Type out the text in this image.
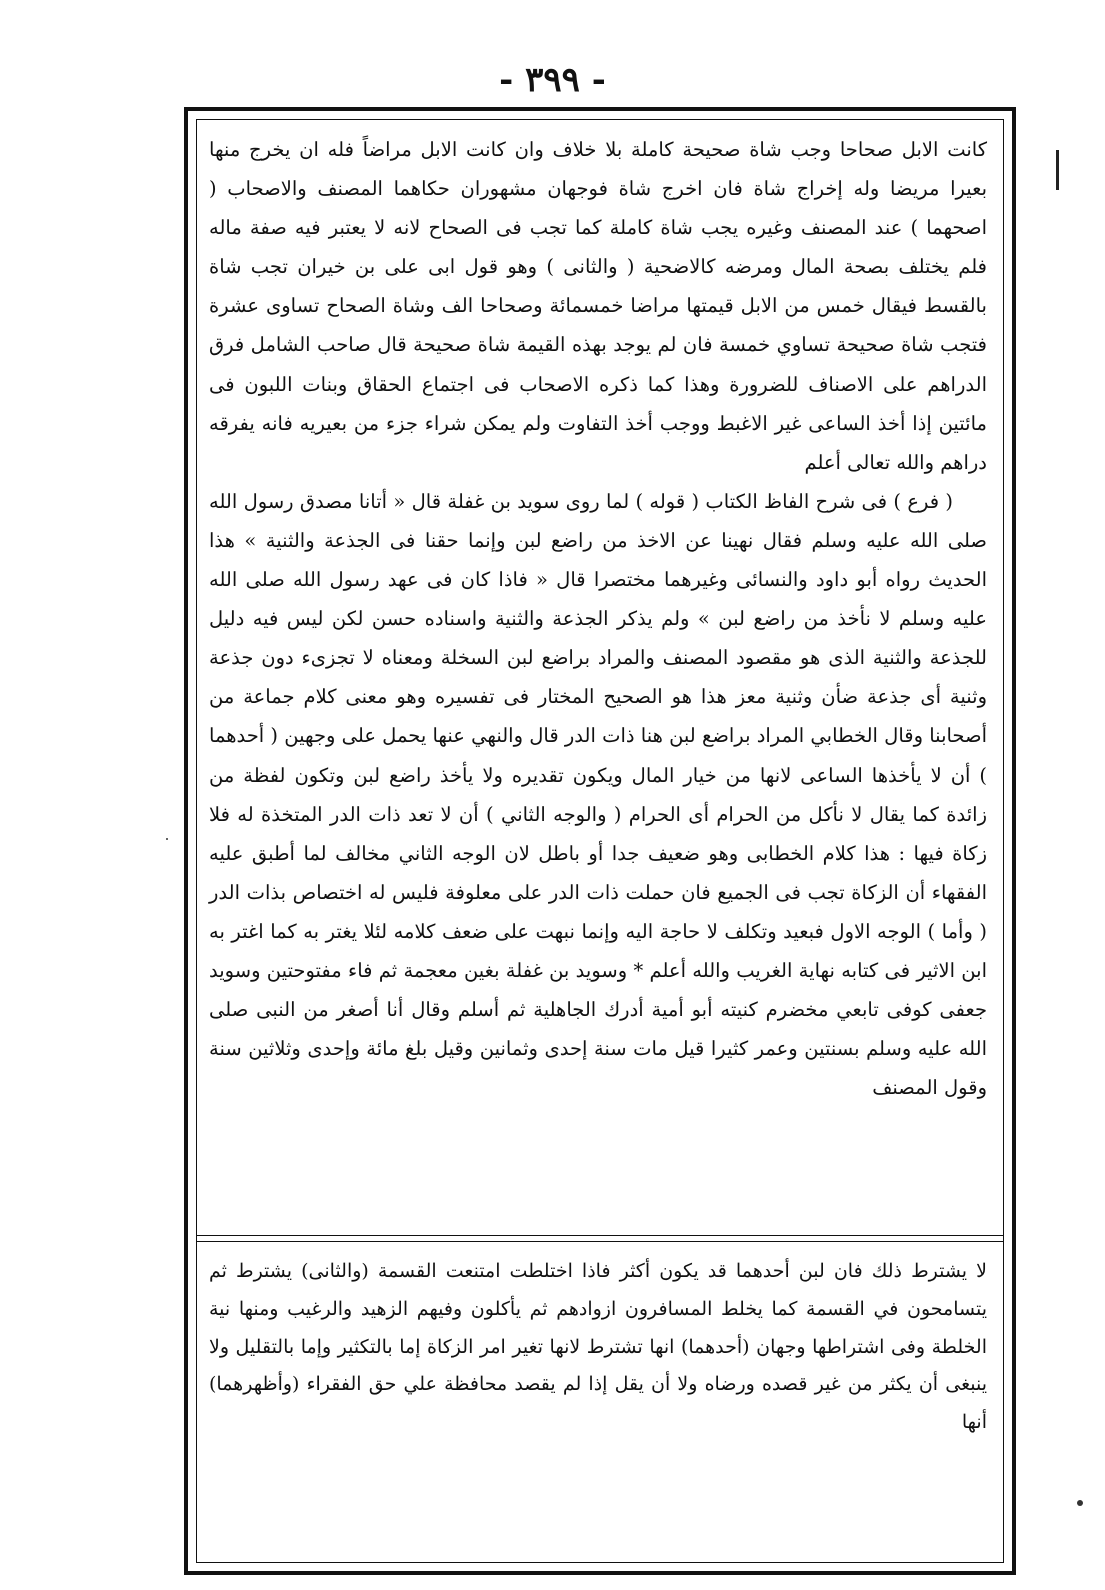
- ٣٩٩ -

كانت الابل صحاحا وجب شاة صحيحة كاملة بلا خلاف وان كانت الابل مراضاً فله ان يخرج منها بعيرا مريضا وله إخراج شاة فان اخرج شاة فوجهان مشهوران حكاهما المصنف والاصحاب ( اصحهما ) عند المصنف وغيره يجب شاة كاملة كما تجب فى الصحاح لانه لا يعتبر فيه صفة ماله فلم يختلف بصحة المال ومرضه كالاضحية ( والثانى ) وهو قول ابى على بن خيران تجب شاة بالقسط فيقال خمس من الابل قيمتها مراضا خمسمائة وصحاحا الف وشاة الصحاح تساوى عشرة فتجب شاة صحيحة تساوي خمسة فان لم يوجد بهذه القيمة شاة صحيحة قال صاحب الشامل فرق الدراهم على الاصناف للضرورة وهذا كما ذكره الاصحاب فى اجتماع الحقاق وبنات اللبون فى مائتين إذا أخذ الساعى غير الاغبط ووجب أخذ التفاوت ولم يمكن شراء جزء من بعيريه فانه يفرقه دراهم والله تعالى أعلم

( فرع ) فى شرح الفاظ الكتاب ( قوله ) لما روى سويد بن غفلة قال « أتانا مصدق رسول الله صلى الله عليه وسلم فقال نهينا عن الاخذ من راضع لبن وإنما حقنا فى الجذعة والثنية » هذا الحديث رواه أبو داود والنسائى وغيرهما مختصرا قال « فاذا كان فى عهد رسول الله صلى الله عليه وسلم لا نأخذ من راضع لبن » ولم يذكر الجذعة والثنية واسناده حسن لكن ليس فيه دليل للجذعة والثنية الذى هو مقصود المصنف والمراد براضع لبن السخلة ومعناه لا تجزىء دون جذعة وثنية أى جذعة ضأن وثنية معز هذا هو الصحيح المختار فى تفسيره وهو معنى كلام جماعة من أصحابنا وقال الخطابي المراد براضع لبن هنا ذات الدر قال والنهي عنها يحمل على وجهين ( أحدهما ) أن لا يأخذها الساعى لانها من خيار المال ويكون تقديره ولا يأخذ راضع لبن وتكون لفظة من زائدة كما يقال لا نأكل من الحرام أى الحرام ( والوجه الثاني ) أن لا تعد ذات الدر المتخذة له فلا زكاة فيها : هذا كلام الخطابى وهو ضعيف جدا أو باطل لان الوجه الثاني مخالف لما أطبق عليه الفقهاء أن الزكاة تجب فى الجميع فان حملت ذات الدر على معلوفة فليس له اختصاص بذات الدر ( وأما ) الوجه الاول فبعيد وتكلف لا حاجة اليه وإنما نبهت على ضعف كلامه لئلا يغتر به كما اغتر به ابن الاثير فى كتابه نهاية الغريب والله أعلم * وسويد بن غفلة بغين معجمة ثم فاء مفتوحتين وسويد جعفى كوفى تابعي مخضرم كنيته أبو أمية أدرك الجاهلية ثم أسلم وقال أنا أصغر من النبى صلى الله عليه وسلم بسنتين وعمر كثيرا قيل مات سنة إحدى وثمانين وقيل بلغ مائة وإحدى وثلاثين سنة وقول المصنف

لا يشترط ذلك فان لبن أحدهما قد يكون أكثر فاذا اختلطت امتنعت القسمة (والثانى) يشترط ثم يتسامحون في القسمة كما يخلط المسافرون ازوادهم ثم يأكلون وفيهم الزهيد والرغيب ومنها نية الخلطة وفى اشتراطها وجهان (أحدهما) انها تشترط لانها تغير امر الزكاة إما بالتكثير وإما بالتقليل ولا ينبغى أن يكثر من غير قصده ورضاه ولا أن يقل إذا لم يقصد محافظة علي حق الفقراء (وأظهرهما) أنها
